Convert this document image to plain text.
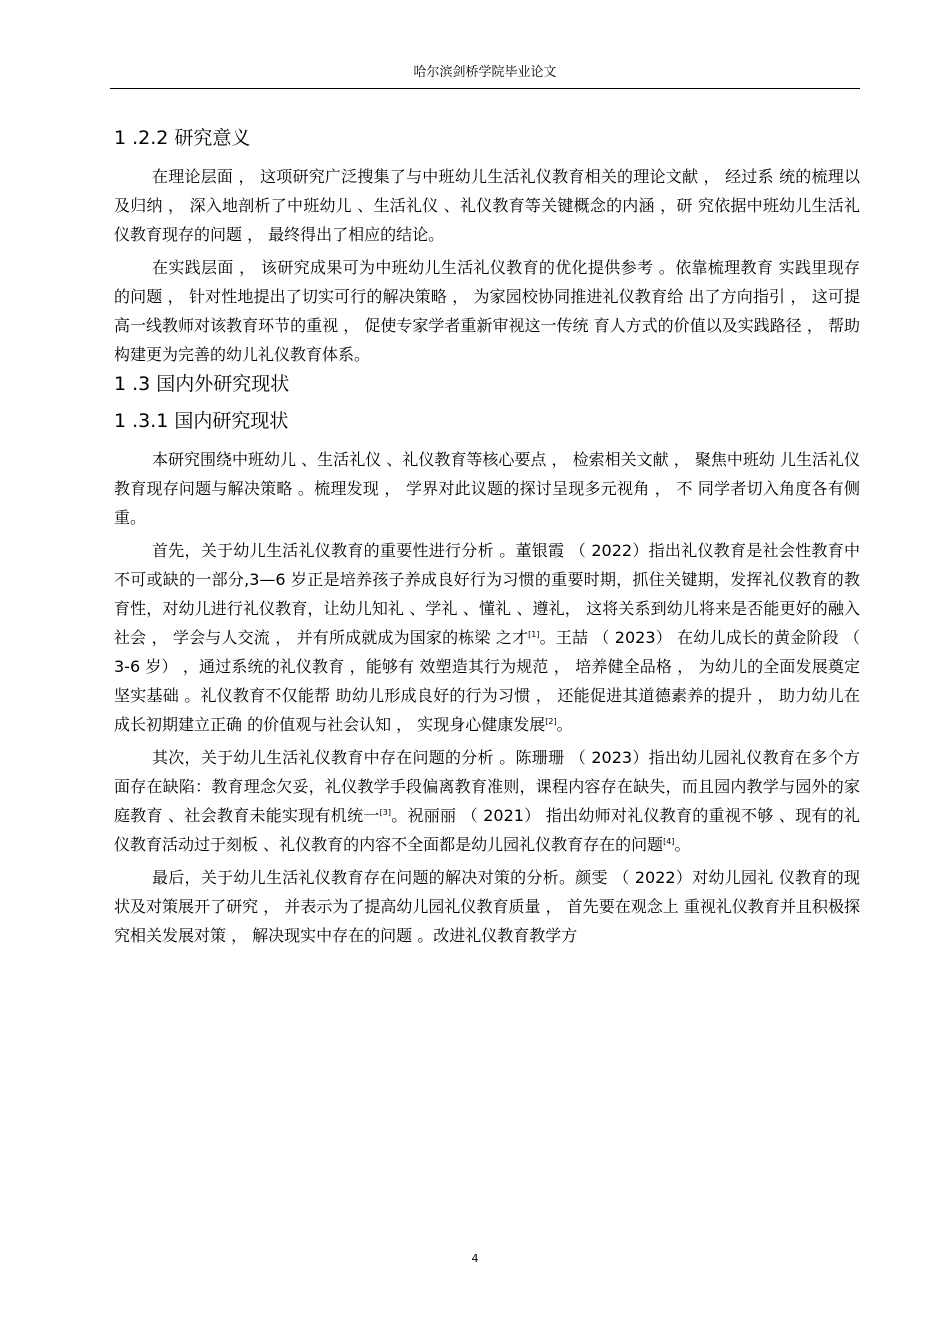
哈尔滨剑桥学院毕业论文
1 .2.2 研究意义

在理论层面 ， 这项研究广泛搜集了与中班幼儿生活礼仪教育相关的理论文献 ， 经过系 统的梳理以及归纳 ， 深入地剖析了中班幼儿 、生活礼仪 、礼仪教育等关键概念的内涵 ，研 究依据中班幼儿生活礼仪教育现存的问题 ， 最终得出了相应的结论。

在实践层面 ， 该研究成果可为中班幼儿生活礼仪教育的优化提供参考 。依靠梳理教育 实践里现存的问题 ， 针对性地提出了切实可行的解决策略 ， 为家园校协同推进礼仪教育给 出了方向指引 ， 这可提高一线教师对该教育环节的重视 ， 促使专家学者重新审视这一传统 育人方式的价值以及实践路径 ， 帮助构建更为完善的幼儿礼仪教育体系。

1 .3 国内外研究现状
1 .3.1 国内研究现状

本研究围绕中班幼儿 、生活礼仪 、礼仪教育等核心要点 ， 检索相关文献 ， 聚焦中班幼 儿生活礼仪教育现存问题与解决策略 。梳理发现 ， 学界对此议题的探讨呈现多元视角 ， 不 同学者切入角度各有侧重。

首先，关于幼儿生活礼仪教育的重要性进行分析 。董银霞 （ 2022）指出礼仪教育是社会性教育中不可或缺的一部分,3—6 岁正是培养孩子养成良好行为习惯的重要时期，抓住关键期，发挥礼仪教育的教育性，对幼儿进行礼仪教育，让幼儿知礼 、学礼 、懂礼 、遵礼， 这将关系到幼儿将来是否能更好的融入社会 ， 学会与人交流 ， 并有所成就成为国家的栋梁 之才[1]。王喆 （ 2023） 在幼儿成长的黄金阶段 （ 3-6 岁） ，通过系统的礼仪教育 ，能够有 效塑造其行为规范 ， 培养健全品格 ， 为幼儿的全面发展奠定坚实基础 。礼仪教育不仅能帮 助幼儿形成良好的行为习惯 ， 还能促进其道德素养的提升 ， 助力幼儿在成长初期建立正确 的价值观与社会认知 ， 实现身心健康发展[2]。

其次，关于幼儿生活礼仪教育中存在问题的分析 。陈珊珊 （ 2023）指出幼儿园礼仪教育在多个方面存在缺陷：教育理念欠妥，礼仪教学手段偏离教育准则，课程内容存在缺失，而且园内教学与园外的家庭教育 、社会教育未能实现有机统一[3]。祝丽丽 （ 2021） 指出幼师对礼仪教育的重视不够 、现有的礼仪教育活动过于刻板 、礼仪教育的内容不全面都是幼儿园礼仪教育存在的问题[4]。

最后，关于幼儿生活礼仪教育存在问题的解决对策的分析。颜雯 （ 2022）对幼儿园礼 仪教育的现状及对策展开了研究 ， 并表示为了提高幼儿园礼仪教育质量 ， 首先要在观念上 重视礼仪教育并且积极探究相关发展对策 ， 解决现实中存在的问题 。改进礼仪教育教学方

4
